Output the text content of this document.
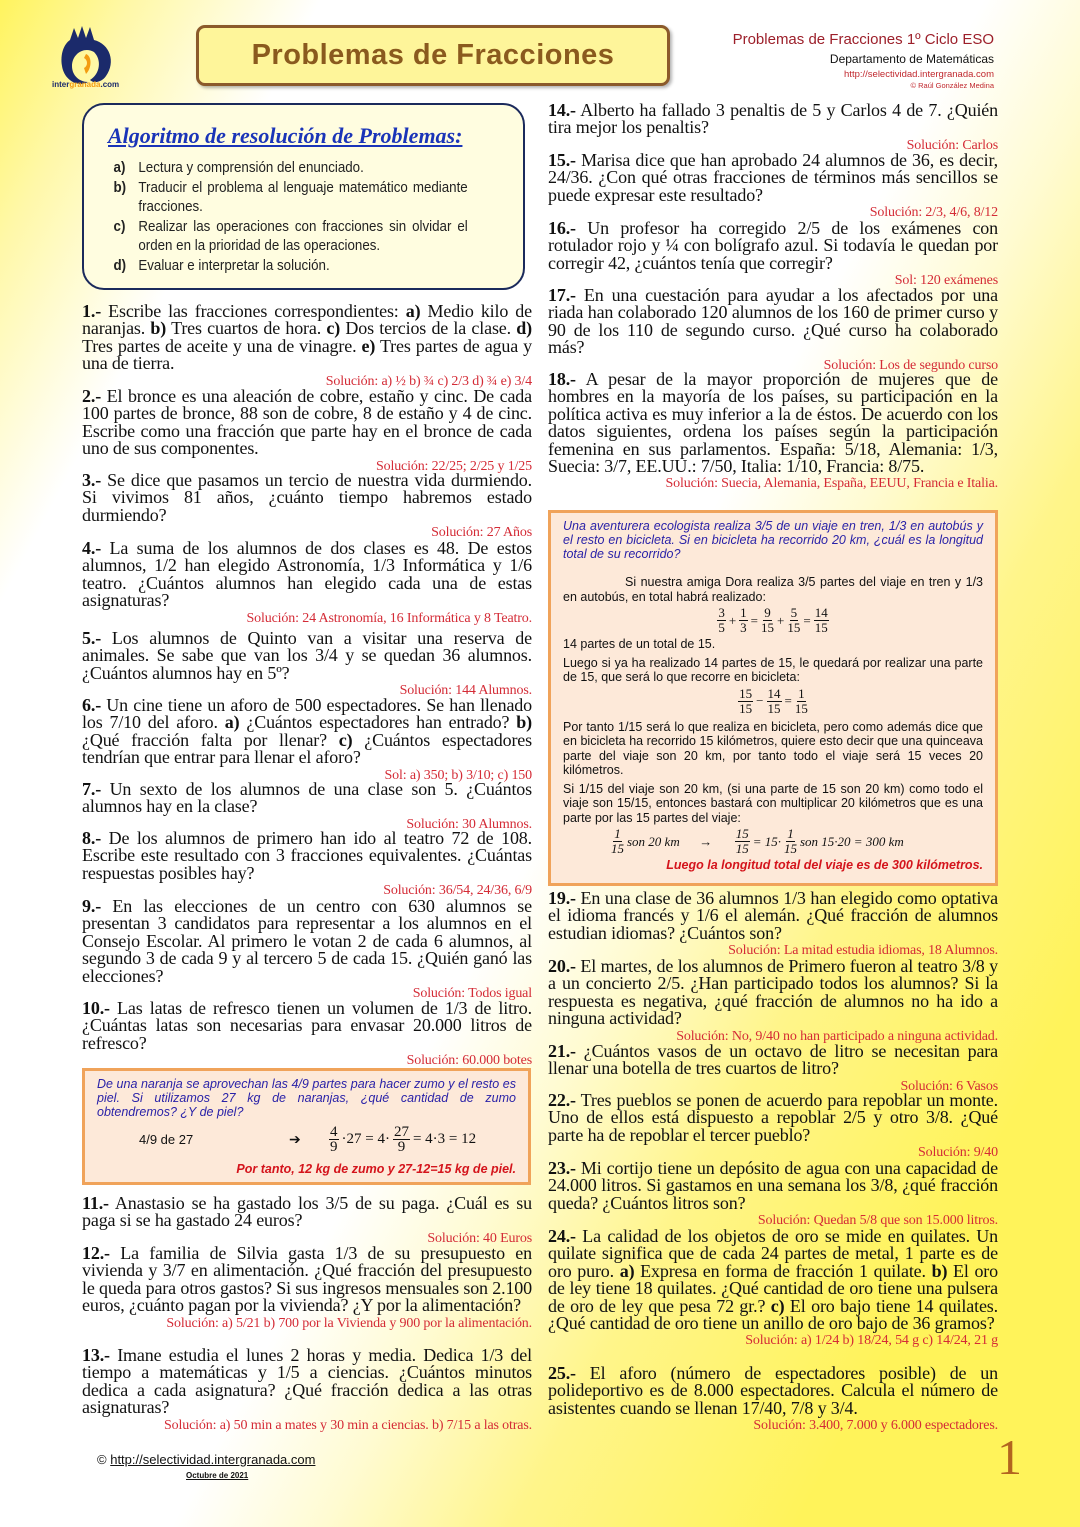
intergranada.com
Problemas de Fracciones	Problemas de Fracciones 1º Ciclo ESO
Departamento de Matemáticas
http://selectividad.intergranada.com
© Raúl González Medina
Algoritmo de resolución de Problemas:
a) Lectura y comprensión del enunciado.
b) Traducir el problema al lenguaje matemático mediante fracciones.
c) Realizar las operaciones con fracciones sin olvidar el orden en la prioridad de las operaciones.
d) Evaluar e interpretar la solución.
1.- Escribe las fracciones correspondientes: a) Medio kilo de naranjas. b) Tres cuartos de hora. c) Dos tercios de la clase. d) Tres partes de aceite y una de vinagre. e) Tres partes de agua y una de tierra.
Solución: a) ½ b) ¾ c) 2/3 d) ¾ e) 3/4
2.- El bronce es una aleación de cobre, estaño y cinc. De cada 100 partes de bronce, 88 son de cobre, 8 de estaño y 4 de cinc. Escribe como una fracción que parte hay en el bronce de cada uno de sus componentes.
Solución: 22/25; 2/25 y 1/25
3.- Se dice que pasamos un tercio de nuestra vida durmiendo. Si vivimos 81 años, ¿cuánto tiempo habremos estado durmiendo?
Solución: 27 Años
4.- La suma de los alumnos de dos clases es 48. De estos alumnos, 1/2 han elegido Astronomía, 1/3 Informática y 1/6 teatro. ¿Cuántos alumnos han elegido cada una de estas asignaturas?
Solución: 24 Astronomía, 16 Informática y 8 Teatro.
5.- Los alumnos de Quinto van a visitar una reserva de animales. Se sabe que van los 3/4 y se quedan 36 alumnos. ¿Cuántos alumnos hay en 5º?
Solución: 144 Alumnos.
6.- Un cine tiene un aforo de 500 espectadores. Se han llenado los 7/10 del aforo. a) ¿Cuántos espectadores han entrado? b) ¿Qué fracción falta por llenar? c) ¿Cuántos espectadores tendrían que entrar para llenar el aforo?
Sol: a) 350; b) 3/10; c) 150
7.- Un sexto de los alumnos de una clase son 5. ¿Cuántos alumnos hay en la clase?
Solución: 30 Alumnos.
8.- De los alumnos de primero han ido al teatro 72 de 108. Escribe este resultado con 3 fracciones equivalentes. ¿Cuántas respuestas posibles hay?
Solución: 36/54, 24/36, 6/9
9.- En las elecciones de un centro con 630 alumnos se presentan 3 candidatos para representar a los alumnos en el Consejo Escolar. Al primero le votan 2 de cada 6 alumnos, al segundo 3 de cada 9 y al tercero 5 de cada 15. ¿Quién ganó las elecciones?
Solución: Todos igual
10.- Las latas de refresco tienen un volumen de 1/3 de litro. ¿Cuántas latas son necesarias para envasar 20.000 litros de refresco?
Solución: 60.000 botes
11.- Anastasio se ha gastado los 3/5 de su paga. ¿Cuál es su paga si se ha gastado 24 euros?
Solución: 40 Euros
12.- La familia de Silvia gasta 1/3 de su presupuesto en vivienda y 3/7 en alimentación. ¿Qué fracción del presupuesto le queda para otros gastos? Si sus ingresos mensuales son 2.100 euros, ¿cuánto pagan por la vivienda? ¿Y por la alimentación?
Solución: a) 5/21 b) 700 por la Vivienda y 900 por la alimentación.
13.- Imane estudia el lunes 2 horas y media. Dedica 1/3 del tiempo a matemáticas y 1/5 a ciencias. ¿Cuántos minutos dedica a cada asignatura? ¿Qué fracción dedica a las otras asignaturas?
Solución: a) 50 min a mates y 30 min a ciencias. b) 7/15 a las otras.
14.- Alberto ha fallado 3 penaltis de 5 y Carlos 4 de 7. ¿Quién tira mejor los penaltis?
Solución: Carlos
15.- Marisa dice que han aprobado 24 alumnos de 36, es decir, 24/36. ¿Con qué otras fracciones de términos más sencillos se puede expresar este resultado?
Solución: 2/3, 4/6, 8/12
16.- Un profesor ha corregido 2/5 de los exámenes con rotulador rojo y ¼ con bolígrafo azul. Si todavía le quedan por corregir 42, ¿cuántos tenía que corregir?
Sol: 120 exámenes
17.- En una cuestación para ayudar a los afectados por una riada han colaborado 120 alumnos de los 160 de primer curso y 90 de los 110 de segundo curso. ¿Qué curso ha colaborado más?
Solución: Los de segundo curso
18.- A pesar de la mayor proporción de mujeres que de hombres en la mayoría de los países, su participación en la política activa es muy inferior a la de éstos. De acuerdo con los datos siguientes, ordena los países según la participación femenina en sus parlamentos. España: 5/18, Alemania: 1/3, Suecia: 3/7, EE.UU.: 7/50, Italia: 1/10, Francia: 8/75.
Solución: Suecia, Alemania, España, EEUU, Francia e Italia.
19.- En una clase de 36 alumnos 1/3 han elegido como optativa el idioma francés y 1/6 el alemán. ¿Qué fracción de alumnos estudian idiomas? ¿Cuántos son?
Solución: La mitad estudia idiomas, 18 Alumnos.
20.- El martes, de los alumnos de Primero fueron al teatro 3/8 y a un concierto 2/5. ¿Han participado todos los alumnos? Si la respuesta es negativa, ¿qué fracción de alumnos no ha ido a ninguna actividad?
Solución: No, 9/40 no han participado a ninguna actividad.
21.- ¿Cuántos vasos de un octavo de litro se necesitan para llenar una botella de tres cuartos de litro?
Solución: 6 Vasos
22.- Tres pueblos se ponen de acuerdo para repoblar un monte. Uno de ellos está dispuesto a repoblar 2/5 y otro 3/8. ¿Qué parte ha de repoblar el tercer pueblo?
Solución: 9/40
23.- Mi cortijo tiene un depósito de agua con una capacidad de 24.000 litros. Si gastamos en una semana los 3/8, ¿qué fracción queda? ¿Cuántos litros son?
Solución: Quedan 5/8 que son 15.000 litros.
24.- La calidad de los objetos de oro se mide en quilates. Un quilate significa que de cada 24 partes de metal, 1 parte es de oro puro. a) Expresa en forma de fracción 1 quilate. b) El oro de ley tiene 18 quilates. ¿Qué cantidad de oro tiene una pulsera de oro de ley que pesa 72 gr.? c) El oro bajo tiene 14 quilates. ¿Qué cantidad de oro tiene un anillo de oro bajo de 36 gramos?
Solución: a) 1/24 b) 18/24, 54 g c) 14/24, 21 g
25.- El aforo (número de espectadores posible) de un polideportivo es de 8.000 espectadores. Calcula el número de asistentes cuando se llenan 17/40, 7/8 y 3/4.
Solución: 3.400, 7.000 y 6.000 espectadores.
De una naranja se aprovechan las 4/9 partes para hacer zumo y el resto es piel. Si utilizamos 27 kg de naranjas, ¿qué cantidad de zumo obtendremos? ¿Y de piel?
4/9 de 27	➔	$\frac{4}{9} \cdot 27 = 4\cdot \frac{27}{9} = 4\cdot 3 = 12$
Por tanto, 12 kg de zumo y 27-12=15 kg de piel.
Una aventurera ecologista realiza 3/5 de un viaje en tren, 1/3 en autobús y el resto en bicicleta. Si en bicicleta ha recorrido 20 km, ¿cuál es la longitud total de su recorrido?
Si nuestra amiga Dora realiza 3/5 partes del viaje en tren y 1/3 en autobús, en total habrá realizado:
$\frac{3}{5} + \frac{1}{3} = \frac{9}{15} + \frac{5}{15} = \frac{14}{15}$
14 partes de un total de 15.
Luego si ya ha realizado 14 partes de 15, le quedará por realizar una parte de 15, que será lo que recorre en bicicleta:
$\frac{15}{15} - \frac{14}{15} = \frac{1}{15}$
Por tanto 1/15 será lo que realiza en bicicleta, pero como además dice que en bicicleta ha recorrido 15 kilómetros, quiere esto decir que una quinceava parte del viaje son 20 km, por tanto todo el viaje será 15 veces 20 kilómetros.
Si 1/15 del viaje son 20 km, (si una parte de 15 son 20 km) como todo el viaje son 15/15, entonces bastará con multiplicar 20 kilómetros que es una parte por las 15 partes del viaje:
$\frac{1}{15}$ son 20 km      → $\frac{15}{15} = 15\cdot \frac{1}{15}$ son 15·20 = 300 km
Luego la longitud total del viaje es de 300 kilómetros.
© http://selectividad.intergranada.com
Octubre de 2021	1
